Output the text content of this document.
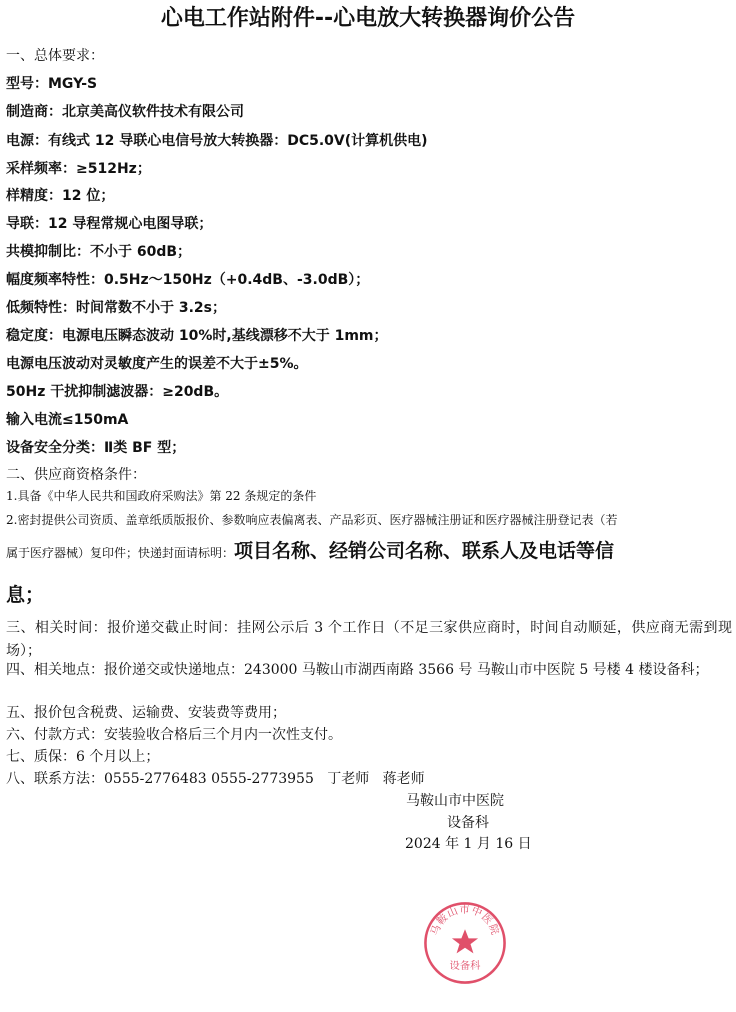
心电工作站附件--心电放大转换器询价公告
一、总体要求：
型号：MGY-S
制造商：北京美高仪软件技术有限公司
电源：有线式 12 导联心电信号放大转换器：DC5.0V(计算机供电)
采样频率：≥512Hz；
样精度：12 位；
导联：12 导程常规心电图导联；
共模抑制比：不小于 60dB；
幅度频率特性：0.5Hz～150Hz（+0.4dB、-3.0dB）；
低频特性：时间常数不小于 3.2s；
稳定度：电源电压瞬态波动 10%时,基线漂移不大于 1mm；
电源电压波动对灵敏度产生的误差不大于±5%。
50Hz 干扰抑制滤波器：≥20dB。
输入电流≤150mA
设备安全分类：Ⅱ类 BF 型；
二、供应商资格条件：
1.具备《中华人民共和国政府采购法》第 22 条规定的条件
2.密封提供公司资质、盖章纸质版报价、参数响应表偏离表、产品彩页、医疗器械注册证和医疗器械注册登记表（若
属于医疗器械）复印件；快递封面请标明：项目名称、经销公司名称、联系人及电话等信
息；
三、相关时间：报价递交截止时间：挂网公示后 3 个工作日（不足三家供应商时，时间自动顺延，供应商无需到现场）；
四、相关地点：报价递交或快递地点：243000 马鞍山市湖西南路 3566 号 马鞍山市中医院 5 号楼 4 楼设备科；
五、报价包含税费、运输费、安装费等费用；
六、付款方式：安装验收合格后三个月内一次性支付。
七、质保：6 个月以上；
八、联系方法：0555-2776483 0555-2773955   丁老师   蒋老师
马鞍山市中医院
设备科
2024 年 1 月 16 日
马鞍山市中医院
设备科
